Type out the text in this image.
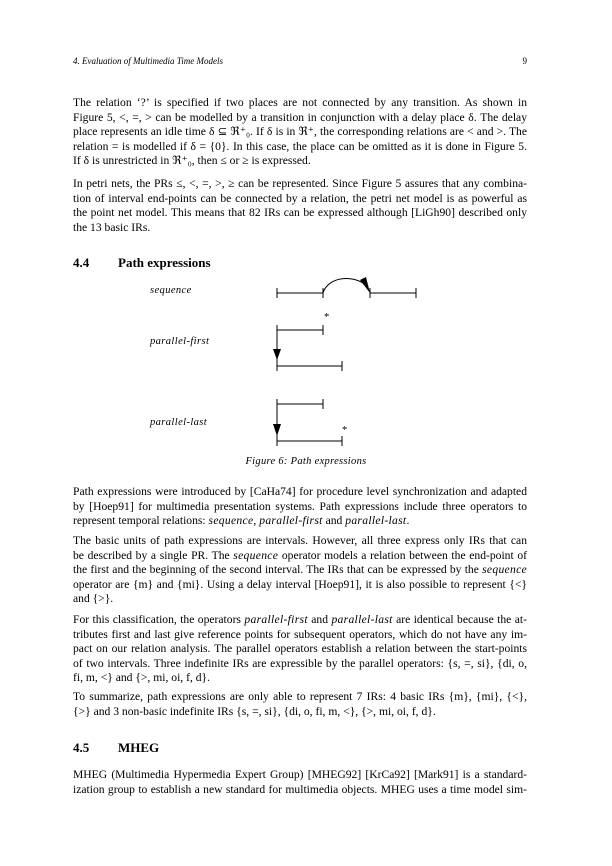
4. Evaluation of Multimedia Time Models	9
The relation ‘?’ is specified if two places are not connected by any transition. As shown in
Figure 5, <, =, > can be modelled by a transition in conjunction with a delay place δ. The delay
place represents an idle time δ ⊆ ℜ⁺₀. If δ is in ℜ⁺, the corresponding relations are < and >. The
relation = is modelled if δ = {0}. In this case, the place can be omitted as it is done in Figure 5.
If δ is unrestricted in ℜ⁺₀, then ≤ or ≥ is expressed.
In petri nets, the PRs ≤, <, =, >, ≥ can be represented. Since Figure 5 assures that any combina-
tion of interval end-points can be connected by a relation, the petri net model is as powerful as
the point net model. This means that 82 IRs can be expressed although [LiGh90] described only
the 13 basic IRs.
4.4 Path expressions
sequence
parallel-first
parallel-last
*
*
Figure 6: Path expressions
Path expressions were introduced by [CaHa74] for procedure level synchronization and adapted
by [Hoep91] for multimedia presentation systems. Path expressions include three operators to
represent temporal relations: sequence, parallel-first and parallel-last.
The basic units of path expressions are intervals. However, all three express only IRs that can
be described by a single PR. The sequence operator models a relation between the end-point of
the first and the beginning of the second interval. The IRs that can be expressed by the sequence
operator are {m} and {mi}. Using a delay interval [Hoep91], it is also possible to represent {<}
and {>}.
For this classification, the operators parallel-first and parallel-last are identical because the at-
tributes first and last give reference points for subsequent operators, which do not have any im-
pact on our relation analysis. The parallel operators establish a relation between the start-points
of two intervals. Three indefinite IRs are expressible by the parallel operators: {s, =, si}, {di, o,
fi, m, <} and {>, mi, oi, f, d}.
To summarize, path expressions are only able to represent 7 IRs: 4 basic IRs {m}, {mi}, {<},
{>} and 3 non-basic indefinite IRs {s, =, si}, {di, o, fi, m, <}, {>, mi, oi, f, d}.
4.5 MHEG
MHEG (Multimedia Hypermedia Expert Group) [MHEG92] [KrCa92] [Mark91] is a standard-
ization group to establish a new standard for multimedia objects. MHEG uses a time model sim-
